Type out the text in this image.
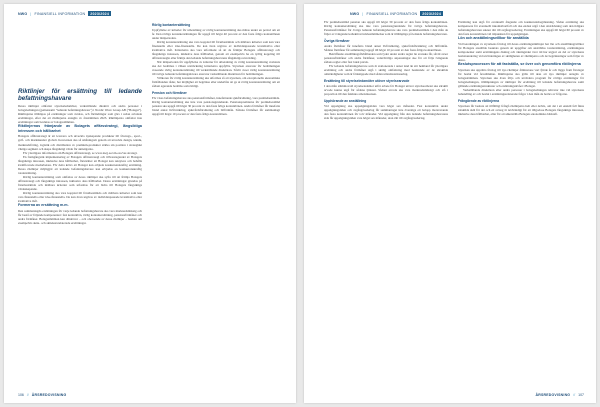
NWO | FINANSIELL INFORMATION	2023/2024
Riktlinjer för ersättning till ledande befattningshavare

Dessa riktlinjer omfattar styrelseledamöter, verkställande direktör och andra personer i bolagsledningen (gemensamt "ledande befattningshavare") i Nordic Wave Group AB ("Bolaget"). Riktlinjerna tillämpas på ersättningar som avtalas, och förändringar som görs i redan avtalade ersättningar, efter det att riktlinjerna antagits av årsstämman 2023. Riktlinjerna omfattar inte ersättningar som beslutas av bolagsstämman.

Riktlinjernas främjande av Bolagets affärsstrategi, långsiktiga intressen och hållbarhet

Bolagets affärsstrategi är att leverera och utveckla nyskapande produkter till företags-, sport-, golf- och marinkunder globalt. Koncernen ska så småningom genom att utveckla design, teknik, marknadsföring, logistik och distribution av premium-produkter stärka sin position i strategiskt viktiga segment och skapa långsiktigt värde för aktieägarna.

För ytterligare information om Bolagets affärsstrategi, se www.nwg.se/om-oss/var-strategi.

En framgångsrik implementering av Bolagets affärsstrategi och tillvaratagandet av Bolagets långsiktiga intressen, inklusive dess hållbarhet, förutsätter att Bolaget kan rekrytera och behålla kvalificerade medarbetare. För detta krävs att Bolaget kan erbjuda konkurrenskraftig ersättning. Dessa riktlinjer möjliggör att ledande befattningshavare kan erbjudas en konkurrenskraftig totalersättning.

Rörlig kontantersättning som omfattas av dessa riktlinjer ska syfta till att främja Bolagets affärsstrategi och långsiktiga intressen, inklusive dess hållbarhet. Dessa ersättningar grundas på förutbestämda och mätbara kriterier som utformas för att bidra till Bolagets långsiktiga värdeskapande.

Rörlig kontantersättning ska vara kopplad till förutbestämda och mätbara kriterier som kan vara finansiella eller icke-finansiella. De kan även utgöras av individanpassade kvantitativa eller kvalitativa mål.

Formerna av ersättning m.m.

Den sammanlagda ersättningen för varje ledande befattningshavare ska vara marknadsmässig och får bestå av följande komponenter: fast kontantlön, rörlig kontantersättning, pensionsförmåner och andra förmåner. Bolagsstämman kan därutöver – och oberoende av dessa riktlinjer – besluta om exempelvis aktie- och aktiekursrelaterade ersättningar.

Rörlig kontantersättning

Uppfyllelse av kriterier för utbetalning av rörlig kontantersättning ska mätas under en period om ett år. Den rörliga kontantersättningen får uppgå till högst 40 procent av den fasta årliga kontantlönen under mätperioden.

Rörlig kontantersättning ska vara kopplad till förutbestämda och mätbara kriterier som kan vara finansiella eller icke-finansiella. De kan även utgöras av individanpassade kvantitativa eller kvalitativa mål. Kriterierna ska vara utformade så att de främjar Bolagets affärsstrategi och långsiktiga intressen, inklusive dess hållbarhet, genom att exempelvis ha en tydlig koppling till affärsstrategin eller främja den ledande befattningshavarens långsiktiga utveckling.

När mätperioden för uppfyllelse av kriterier för utbetalning av rörlig kontantersättning avslutats ska det bedömas i vilken utsträckning kriterierna uppfyllts. Styrelsen ansvarar för bedömningen avseende rörlig kontantersättning till verkställande direktören. Såvitt avser rörlig kontantersättning till övriga ledande befattningshavare ansvarar verkställande direktören för bedömningen.

Villkoren för rörlig kontantersättning ska utformas så att styrelsen, om exceptionella ekonomiska förhållanden råder, har möjlighet att begränsa eller underlåta att ge ut rörlig kontantersättning om ett sådant agerande bedöms som rimligt.

Pension och förmåner

För vissa befattningshavare ska pensionsförmåner, innefattande sjukförsäkring, vara premiebestämda. Rörlig kontantersättning ska inte vara pensionsgrundande. Pensionspremierna för premiebestämd pension ska uppgå till högst 30 procent av den fasta årliga kontantlönen. Andra förmåner får innefatta bland annat livförsäkring, sjukvårdsförsäkring och bilförmån. Sådana förmåner får sammanlagt uppgå till högst 10 procent av den fasta årliga kontantlönen.

106 // ÅRSREDOVISNING
NWO | FINANSIELL INFORMATION	2023/2024

För premiebestämd pension ska uppgå till högst 30 procent av den fasta årliga kontantlönen. Rörlig kontantersättning ska inte vara pensionsgrundande för övriga befattningshavare. Pensionsförmåner för övriga ledande befattningshavare ska vara premiebestämda i den mån de följer av tvingande kollektivavtalsbestämmelser som är tillämpliga på ledande befattningshavaren.

Övriga förmåner

Andra förmåner får innefatta bland annat livförsäkring, sjukvårdsförsäkring och bilförmån. Sådana förmåner får sammanlagt uppgå till högst 10 procent av den fasta årliga kontantlönen.

Beträffande anställningsförhållanden som lyder under andra regler än svenska får, såvitt avser pensionsförmåner och andra förmåner, vederbörliga anpassningar ske för att följa tvingande sådana regler eller fast lokal praxis.

För ledande befattningshavare som är stationerade i annat land än sitt hemland får ytterligare ersättning och andra förmåner utgå i skälig omfattning med beaktande av de särskilda omständigheter som är förknippade med sådan utlandsstationering.

Ersättning till styrelseledamöter utöver styrelsearvode

I den mån stämmovald styrelseledamot utför arbete för Bolaget utöver styrelsearbetet ska särskilt arvode kunna utgå för sådana tjänster. Sådant arvode ska vara marknadsmässigt och stå i proportion till den faktiska arbetsinsatsen.

Upphörande av anställning

Vid uppsägning ska uppsägningstiden vara högst sex månader. Fast kontantlön under uppsägningstiden och avgångsvederlag får sammantaget inte överstiga ett belopp motsvarande den fasta kontantlönen för tolv månader. Vid uppsägning från den ledande befattningshavarens sida får uppsägningstiden vara högst sex månader, utan rätt till avgångsvederlag.

Ersättning kan utgå för eventuellt åtagande om konkurrensbegränsning. Sådan ersättning ska kompensera för eventuellt inkomstbortfall och ska endast utgå i den utsträckning som den tidigare befattningshavaren saknar rätt till avgångsvederlag. Ersättningen ska uppgå till högst 60 procent av den fasta kontantlönen vid tidpunkten för uppsägningen.

Lön och anställningsvillkor för anställda

Vid beredningen av styrelsens förslag till dessa ersättningsriktlinjer har lön och anställningsvillkor för Bolagets anställda beaktats genom att uppgifter om anställdas totalersättning, ersättningens komponenter samt ersättningens ökning och ökningstakt över tid har utgjort en del av styrelsens beslutsunderlag vid utvärderingen av skäligheten av riktlinjerna och de begränsningar som följer av dessa.

Beslutsprocessen för att fastställa, se över och genomföra riktlinjerna

Styrelsen ska upprätta förslag till nya riktlinjer åtminstone vart fjärde år och lägga fram förslaget för beslut vid årsstämman. Riktlinjerna ska gälla till dess att nya riktlinjer antagits av bolagsstämman. Styrelsen ska även följa och utvärdera program för rörliga ersättningar för bolagsledningen, tillämpningen av riktlinjer för ersättning till ledande befattningshavare samt gällande ersättningsstrukturer och ersättningsnivåer i Bolaget.

Verkställande direktören eller andra personer i bolagsledningen närvarar inte vid styrelsens behandling av och beslut i ersättningsrelaterade frågor i den mån de berörs av frågorna.

Frångående av riktlinjerna

Styrelsen får besluta att tillfälligt frångå riktlinjerna helt eller delvis, om det i ett enskilt fall finns särskilda skäl för det och ett avsteg är nödvändigt för att tillgodose Bolagets långsiktiga intressen, inklusive dess hållbarhet, eller för att säkerställa Bolagets ekonomiska bärkraft.

ÅRSREDOVISNING // 107
